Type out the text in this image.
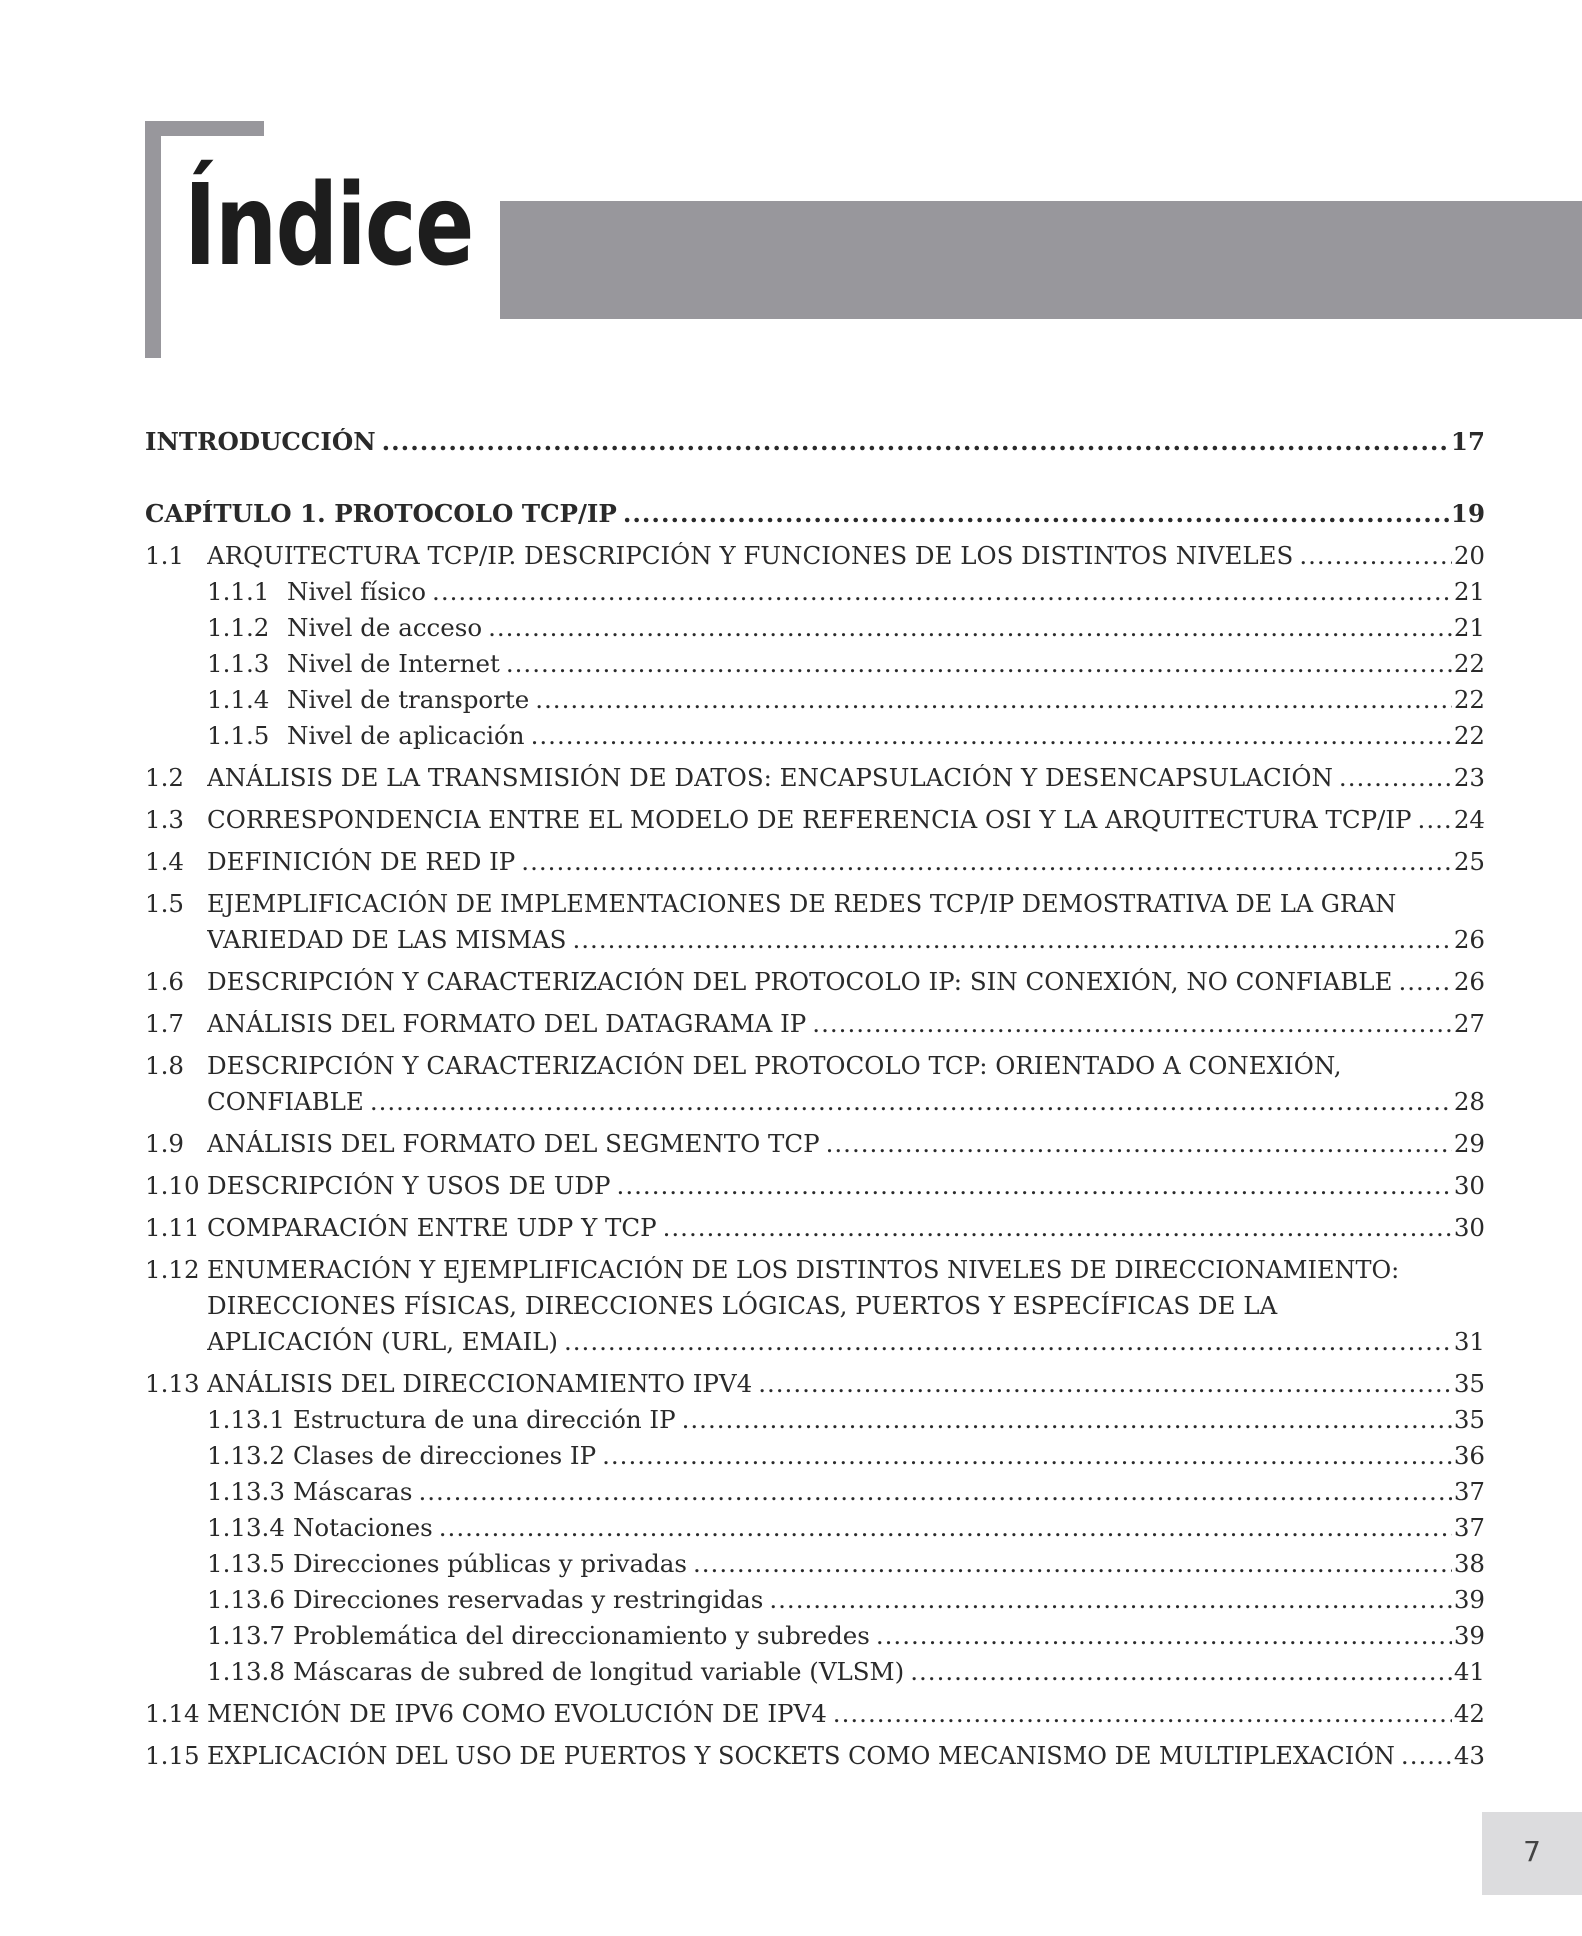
Índice
INTRODUCCIÓN .....	17
CAPÍTULO 1. PROTOCOLO TCP/IP .....	19
1.1 ARQUITECTURA TCP/IP. DESCRIPCIÓN Y FUNCIONES DE LOS DISTINTOS NIVELES .....	20
1.1.1 Nivel físico .....	21
1.1.2 Nivel de acceso .....	21
1.1.3 Nivel de Internet .....	22
1.1.4 Nivel de transporte .....	22
1.1.5 Nivel de aplicación .....	22
1.2 ANÁLISIS DE LA TRANSMISIÓN DE DATOS: ENCAPSULACIÓN Y DESENCAPSULACIÓN .....	23
1.3 CORRESPONDENCIA ENTRE EL MODELO DE REFERENCIA OSI Y LA ARQUITECTURA TCP/IP ..... 24
1.4 DEFINICIÓN DE RED IP .....	25
1.5 EJEMPLIFICACIÓN DE IMPLEMENTACIONES DE REDES TCP/IP DEMOSTRATIVA DE LA GRAN
VARIEDAD DE LAS MISMAS .....	26
1.6 DESCRIPCIÓN Y CARACTERIZACIÓN DEL PROTOCOLO IP: SIN CONEXIÓN, NO CONFIABLE .....	26
1.7 ANÁLISIS DEL FORMATO DEL DATAGRAMA IP .....	27
1.8 DESCRIPCIÓN Y CARACTERIZACIÓN DEL PROTOCOLO TCP: ORIENTADO A CONEXIÓN,
CONFIABLE .....	28
1.9 ANÁLISIS DEL FORMATO DEL SEGMENTO TCP .....	29
1.10 DESCRIPCIÓN Y USOS DE UDP .....	30
1.11 COMPARACIÓN ENTRE UDP Y TCP .....	30
1.12 ENUMERACIÓN Y EJEMPLIFICACIÓN DE LOS DISTINTOS NIVELES DE DIRECCIONAMIENTO:
DIRECCIONES FÍSICAS, DIRECCIONES LÓGICAS, PUERTOS Y ESPECÍFICAS DE LA
APLICACIÓN (URL, EMAIL) .....	31
1.13 ANÁLISIS DEL DIRECCIONAMIENTO IPV4 .....	35
1.13.1 Estructura de una dirección IP .....	35
1.13.2 Clases de direcciones IP .....	36
1.13.3 Máscaras .....	37
1.13.4 Notaciones .....	37
1.13.5 Direcciones públicas y privadas .....	38
1.13.6 Direcciones reservadas y restringidas .....	39
1.13.7 Problemática del direccionamiento y subredes .....	39
1.13.8 Máscaras de subred de longitud variable (VLSM) .....	41
1.14 MENCIÓN DE IPV6 COMO EVOLUCIÓN DE IPV4 .....	42
1.15 EXPLICACIÓN DEL USO DE PUERTOS Y SOCKETS COMO MECANISMO DE MULTIPLEXACIÓN ..... 43
7
